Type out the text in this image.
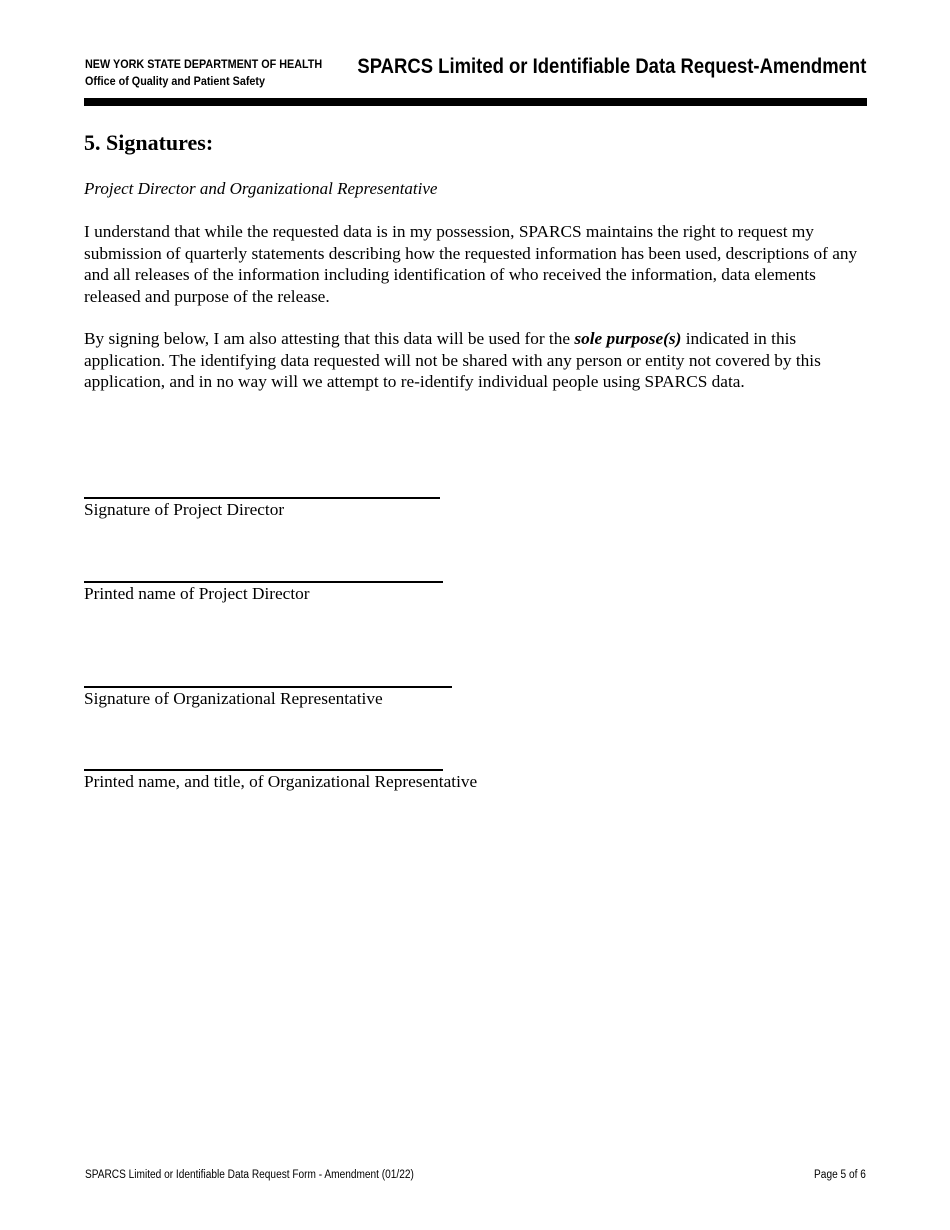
NEW YORK STATE DEPARTMENT OF HEALTH
Office of Quality and Patient Safety
SPARCS Limited or Identifiable Data Request-Amendment
5. Signatures:
Project Director and Organizational Representative

I understand that while the requested data is in my possession, SPARCS maintains the right to request my submission of quarterly statements describing how the requested information has been used, descriptions of any and all releases of the information including identification of who received the information, data elements released and purpose of the release.

By signing below, I am also attesting that this data will be used for the sole purpose(s) indicated in this application. The identifying data requested will not be shared with any person or entity not covered by this application, and in no way will we attempt to re-identify individual people using SPARCS data.

Signature of Project Director
Printed name of Project Director
Signature of Organizational Representative
Printed name, and title, of Organizational Representative
SPARCS Limited or Identifiable Data Request Form - Amendment (01/22)	Page 5 of 6
